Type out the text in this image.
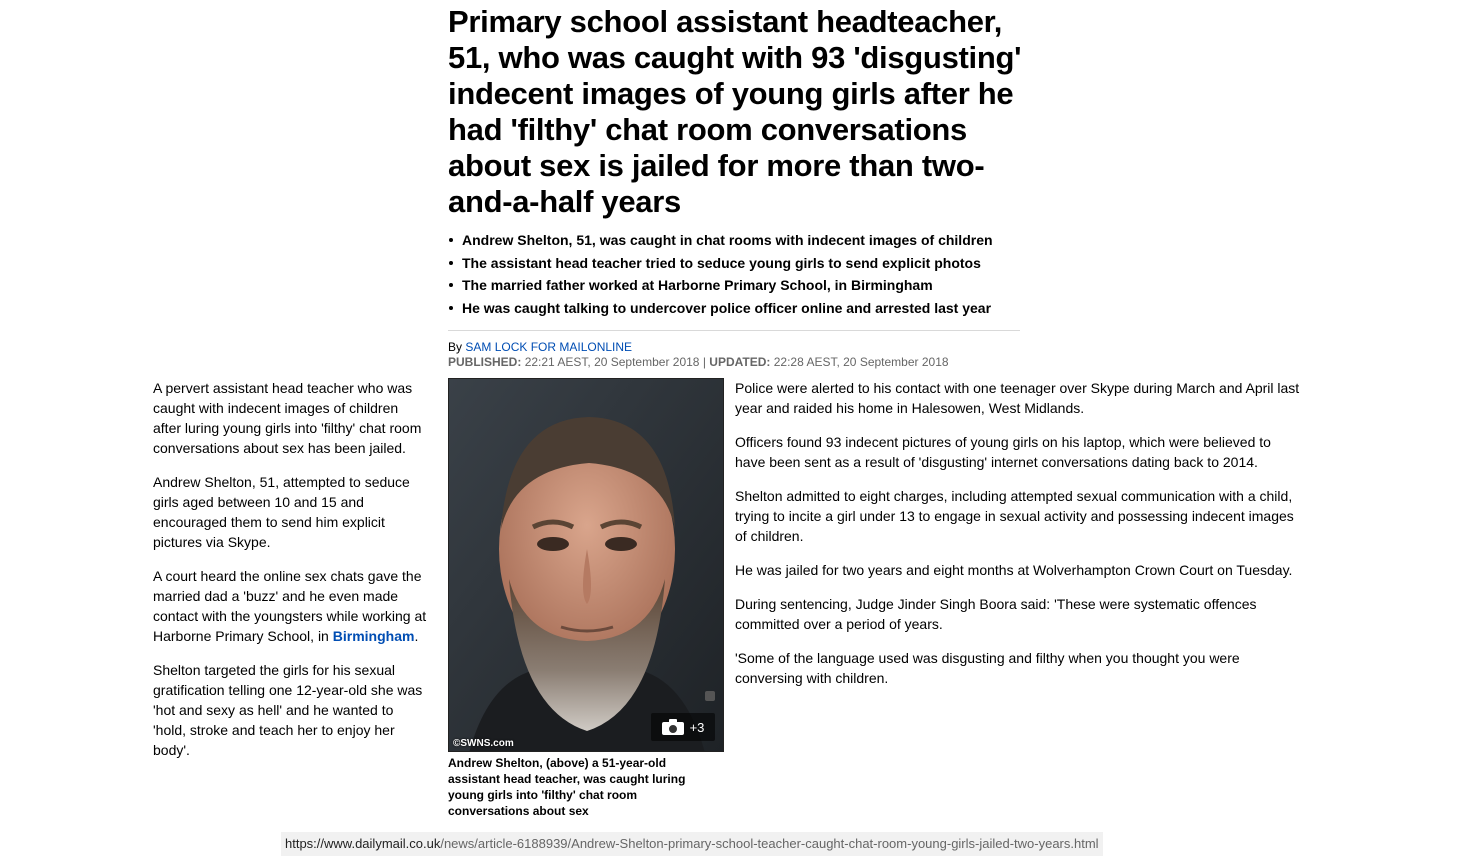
Primary school assistant headteacher, 51, who was caught with 93 'disgusting' indecent images of young girls after he had 'filthy' chat room conversations about sex is jailed for more than two-and-a-half years
Andrew Shelton, 51, was caught in chat rooms with indecent images of children
The assistant head teacher tried to seduce young girls to send explicit photos
The married father worked at Harborne Primary School, in Birmingham
He was caught talking to undercover police officer online and arrested last year
By SAM LOCK FOR MAILONLINE
PUBLISHED: 22:21 AEST, 20 September 2018 | UPDATED: 22:28 AEST, 20 September 2018

A pervert assistant head teacher who was caught with indecent images of children after luring young girls into 'filthy' chat room conversations about sex has been jailed.

Andrew Shelton, 51, attempted to seduce girls aged between 10 and 15 and encouraged them to send him explicit pictures via Skype.

A court heard the online sex chats gave the married dad a 'buzz' and he even made contact with the youngsters while working at Harborne Primary School, in Birmingham.

Shelton targeted the girls for his sexual gratification telling one 12-year-old she was 'hot and sexy as hell' and he wanted to 'hold, stroke and teach her to enjoy her body'.

+3
©SWNS.com
Andrew Shelton, (above) a 51-year-old assistant head teacher, was caught luring young girls into 'filthy' chat room conversations about sex

Police were alerted to his contact with one teenager over Skype during March and April last year and raided his home in Halesowen, West Midlands.

Officers found 93 indecent pictures of young girls on his laptop, which were believed to have been sent as a result of 'disgusting' internet conversations dating back to 2014.

Shelton admitted to eight charges, including attempted sexual communication with a child, trying to incite a girl under 13 to engage in sexual activity and possessing indecent images of children.

He was jailed for two years and eight months at Wolverhampton Crown Court on Tuesday.

During sentencing, Judge Jinder Singh Boora said: 'These were systematic offences committed over a period of years.

'Some of the language used was disgusting and filthy when you thought you were conversing with children.

https://www.dailymail.co.uk/news/article-6188939/Andrew-Shelton-primary-school-teacher-caught-chat-room-young-girls-jailed-two-years.html
